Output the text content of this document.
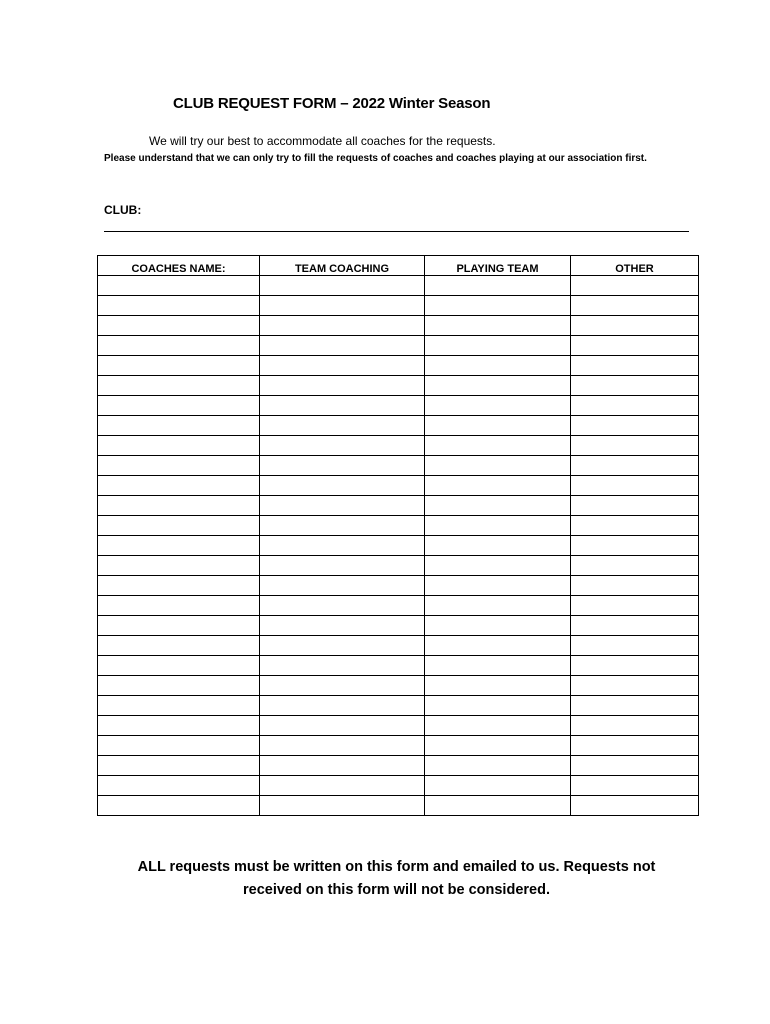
CLUB REQUEST FORM – 2022 Winter Season
We will try our best to accommodate all coaches for the requests.
Please understand that we can only try to fill the requests of coaches and coaches playing at our association first.
CLUB:
COACHES NAME:	TEAM COACHING	PLAYING TEAM	OTHER

ALL requests must be written on this form and emailed to us. Requests not
received on this form will not be considered.
